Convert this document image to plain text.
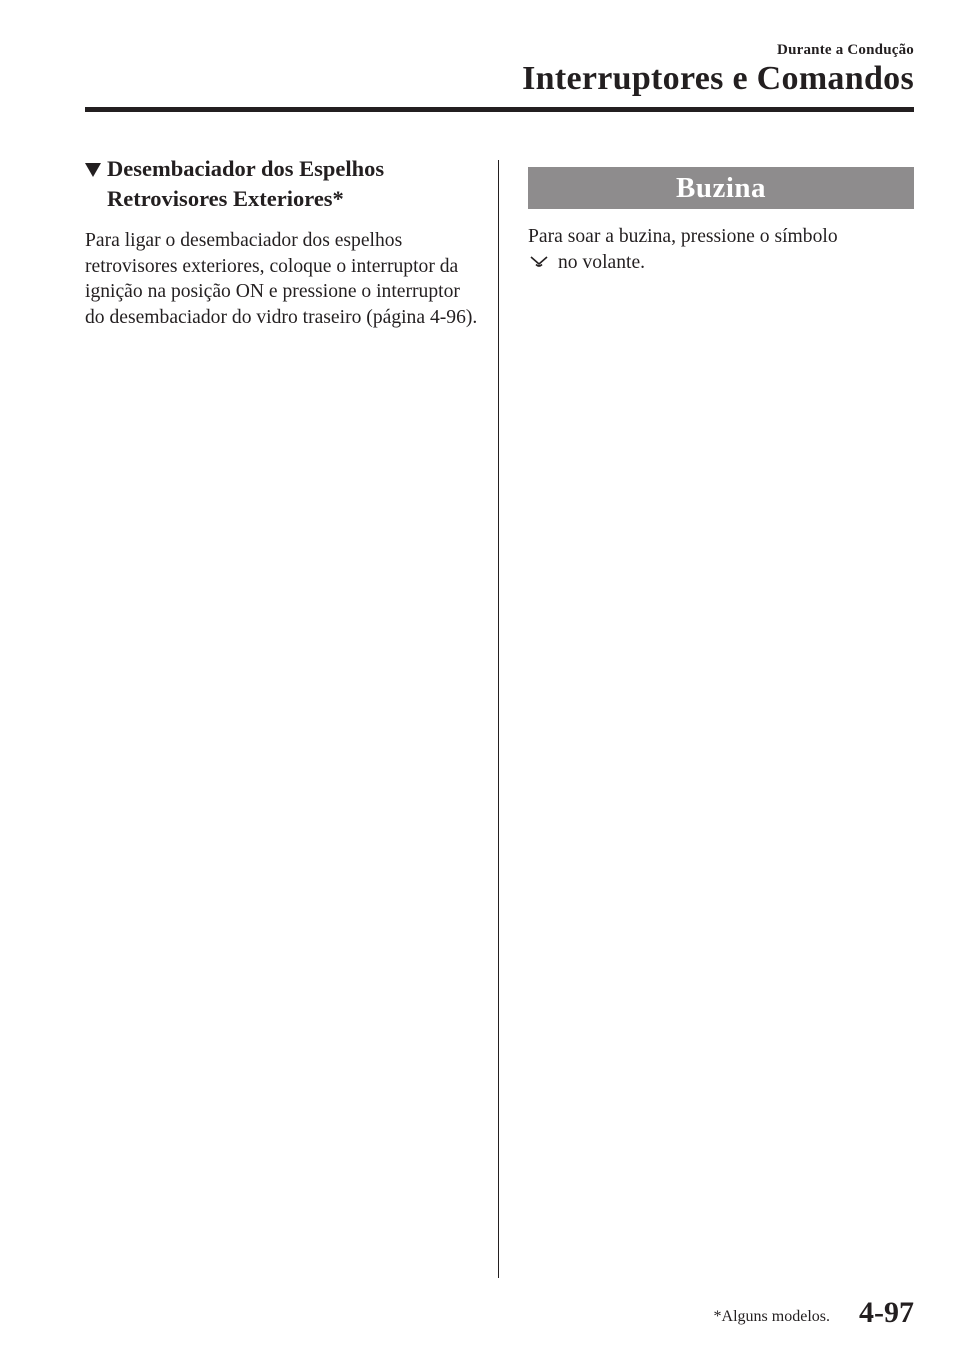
Durante a Condução
Interruptores e Comandos
Desembaciador dos Espelhos Retrovisores Exteriores*
Para ligar o desembaciador dos espelhos retrovisores exteriores, coloque o interruptor da ignição na posição ON e pressione o interruptor do desembaciador do vidro traseiro (página 4-96).
Buzina
Para soar a buzina, pressione o símbolo
no volante.
*Alguns modelos. 4-97
